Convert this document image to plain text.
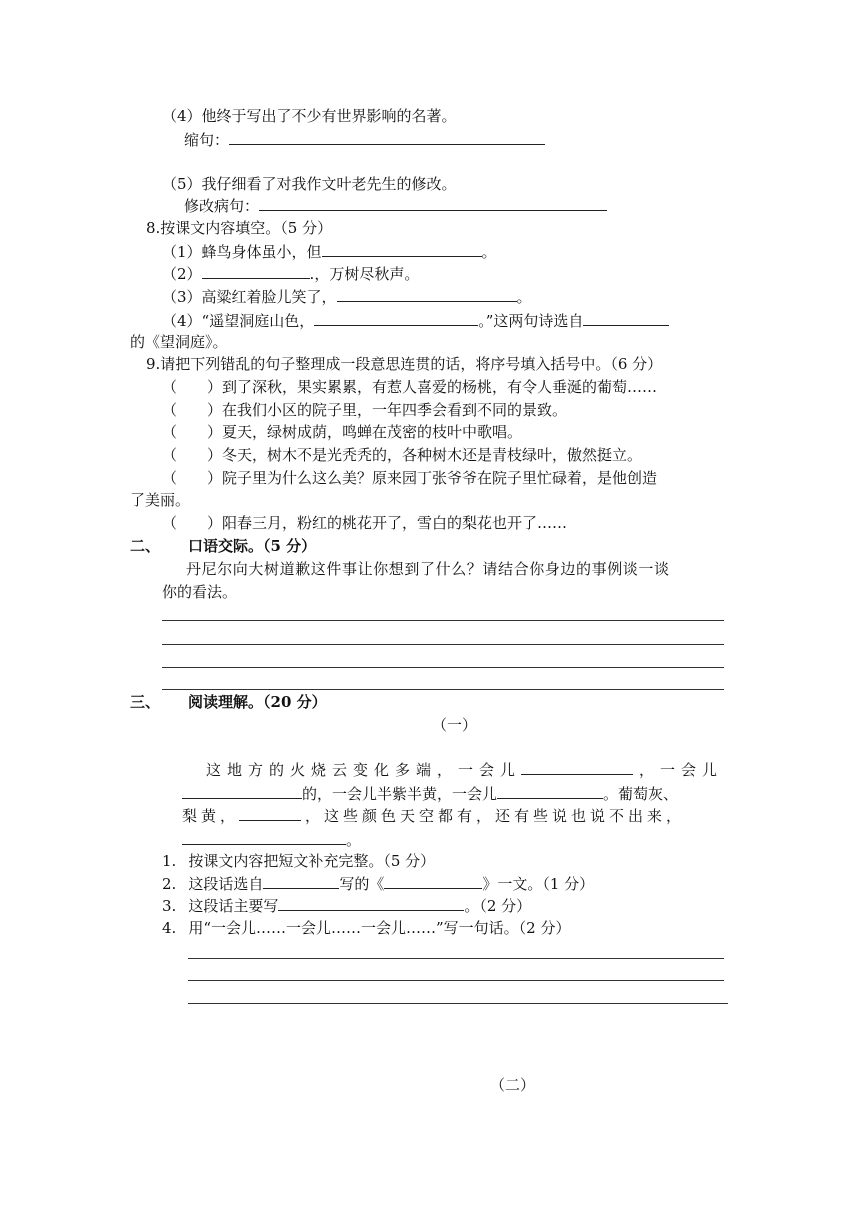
（4）他终于写出了不少有世界影响的名著。
缩句：
（5）我仔细看了对我作文叶老先生的修改。
修改病句：
8.按课文内容填空。（5 分）
（1）蜂鸟身体虽小，但	。
（2）	.，万树尽秋声。
（3）高粱红着脸儿笑了，	。
（4）“遥望洞庭山色，	。”这两句诗选自
的《望洞庭》。
9.请把下列错乱的句子整理成一段意思连贯的话，将序号填入括号中。（6 分）
（　　）到了深秋，果实累累，有惹人喜爱的杨桃，有令人垂涎的葡萄……
（　　）在我们小区的院子里，一年四季会看到不同的景致。
（　　）夏天，绿树成荫，鸣蝉在茂密的枝叶中歌唱。
（　　）冬天，树木不是光秃秃的，各种树木还是青枝绿叶，傲然挺立。
（　　）院子里为什么这么美？原来园丁张爷爷在院子里忙碌着，是他创造
了美丽。
（　　）阳春三月，粉红的桃花开了，雪白的梨花也开了……
二、 口语交际。（5 分）
丹尼尔向大树道歉这件事让你想到了什么？请结合你身边的事例谈一谈
你的看法。
三、 阅读理解。（20 分）
（一）
这地方的火烧云变化多端，一会儿	，一会儿
的，一会儿半紫半黄，一会儿	。葡萄灰、
梨黄，	，这些颜色天空都有，还有些说也说不出来，
。
1. 按课文内容把短文补充完整。（5 分）
2. 这段话选自	写的《	》一文。（1 分）
3. 这段话主要写	。（2 分）
4. 用“一会儿……一会儿……一会儿……”写一句话。（2 分）
（二）
